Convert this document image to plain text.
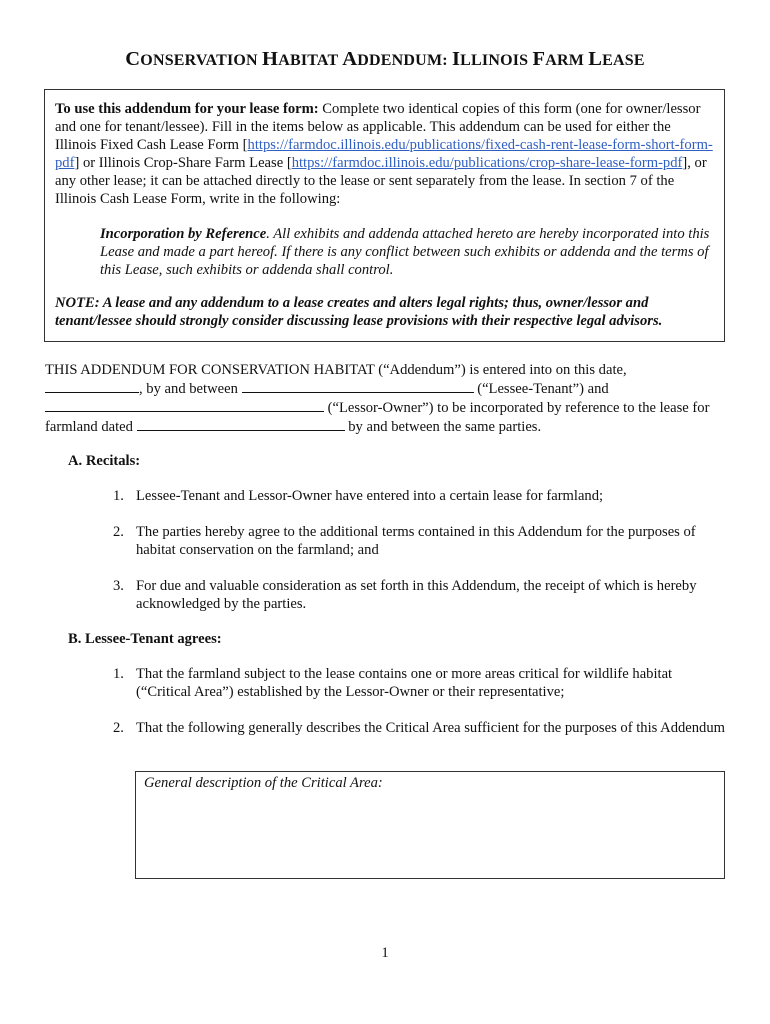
CONSERVATION HABITAT ADDENDUM: ILLINOIS FARM LEASE

To use this addendum for your lease form: Complete two identical copies of this form (one for owner/lessor and one for tenant/lessee). Fill in the items below as applicable. This addendum can be used for either the Illinois Fixed Cash Lease Form [https://farmdoc.illinois.edu/publications/fixed-cash-rent-lease-form-short-form-pdf] or Illinois Crop-Share Farm Lease [https://farmdoc.illinois.edu/publications/crop-share-lease-form-pdf], or any other lease; it can be attached directly to the lease or sent separately from the lease. In section 7 of the Illinois Cash Lease Form, write in the following:

Incorporation by Reference. All exhibits and addenda attached hereto are hereby incorporated into this Lease and made a part hereof. If there is any conflict between such exhibits or addenda and the terms of this Lease, such exhibits or addenda shall control.

NOTE: A lease and any addendum to a lease creates and alters legal rights; thus, owner/lessor and tenant/lessee should strongly consider discussing lease provisions with their respective legal advisors.

THIS ADDENDUM FOR CONSERVATION HABITAT (“Addendum”) is entered into on this date,
, by and between	(“Lessee-Tenant”) and
(“Lessor-Owner”) to be incorporated by reference to the lease for
farmland dated	by and between the same parties.
A. Recitals:
1. Lessee-Tenant and Lessor-Owner have entered into a certain lease for farmland;
2. The parties hereby agree to the additional terms contained in this Addendum for the purposes of habitat conservation on the farmland; and
3. For due and valuable consideration as set forth in this Addendum, the receipt of which is hereby acknowledged by the parties.
B. Lessee-Tenant agrees:
1. That the farmland subject to the lease contains one or more areas critical for wildlife habitat (“Critical Area”) established by the Lessor-Owner or their representative;
2. That the following generally describes the Critical Area sufficient for the purposes of this Addendum
General description of the Critical Area:
1
